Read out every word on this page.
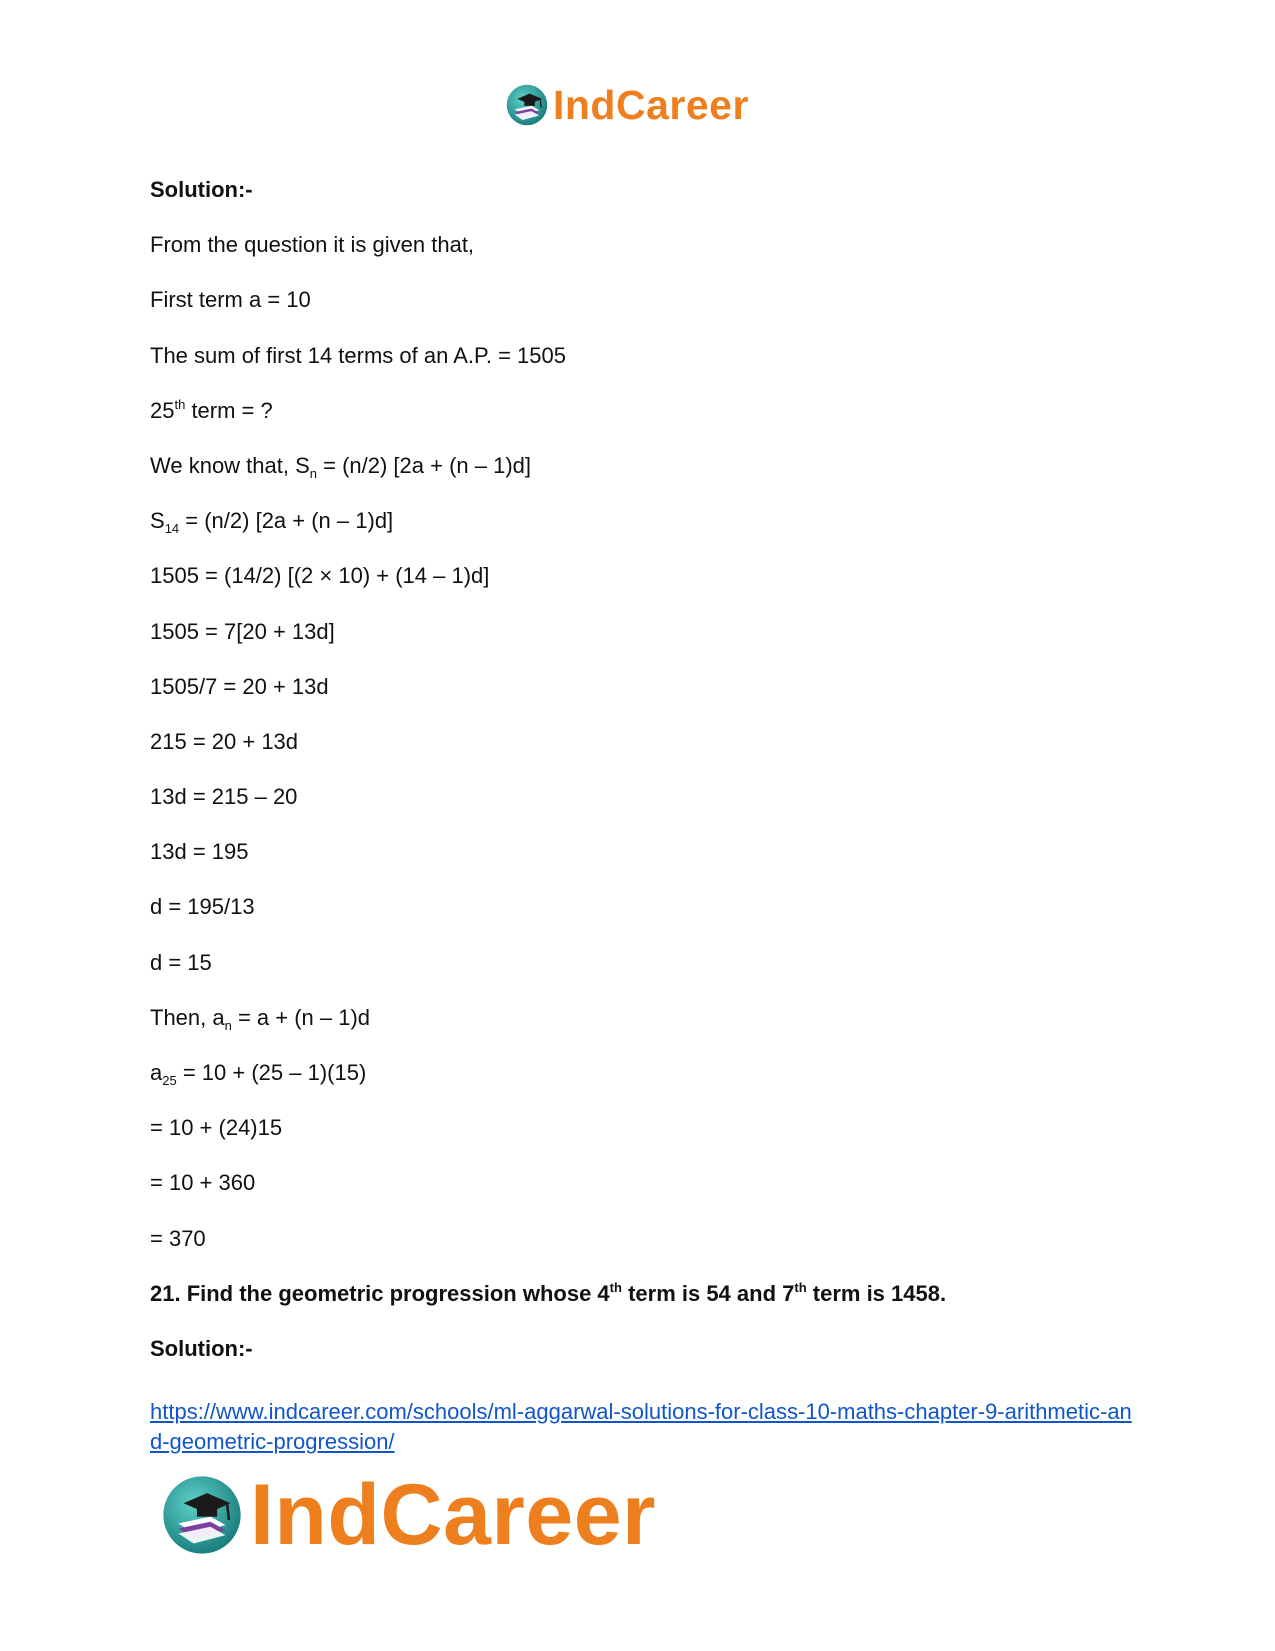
IndCareer
Solution:-
From the question it is given that,
First term a = 10
The sum of first 14 terms of an A.P. = 1505
25th term = ?
We know that, $S_n = (n/2) [2a + (n - 1)d]$
$S_{14} = (n/2) [2a + (n - 1)d]$
1505 = (14/2) [(2 × 10) + (14 – 1)d]
1505 = 7[20 + 13d]
1505/7 = 20 + 13d
215 = 20 + 13d
13d = 215 – 20
13d = 195
d = 195/13
d = 15
Then, $a_n = a + (n - 1)d$
$a_{25} = 10 + (25 - 1)(15)$
= 10 + (24)15
= 10 + 360
= 370
21. Find the geometric progression whose 4th term is 54 and 7th term is 1458.
Solution:-
https://www.indcareer.com/schools/ml-aggarwal-solutions-for-class-10-maths-chapter-9-arithmetic-and-geometric-progression/
IndCareer
